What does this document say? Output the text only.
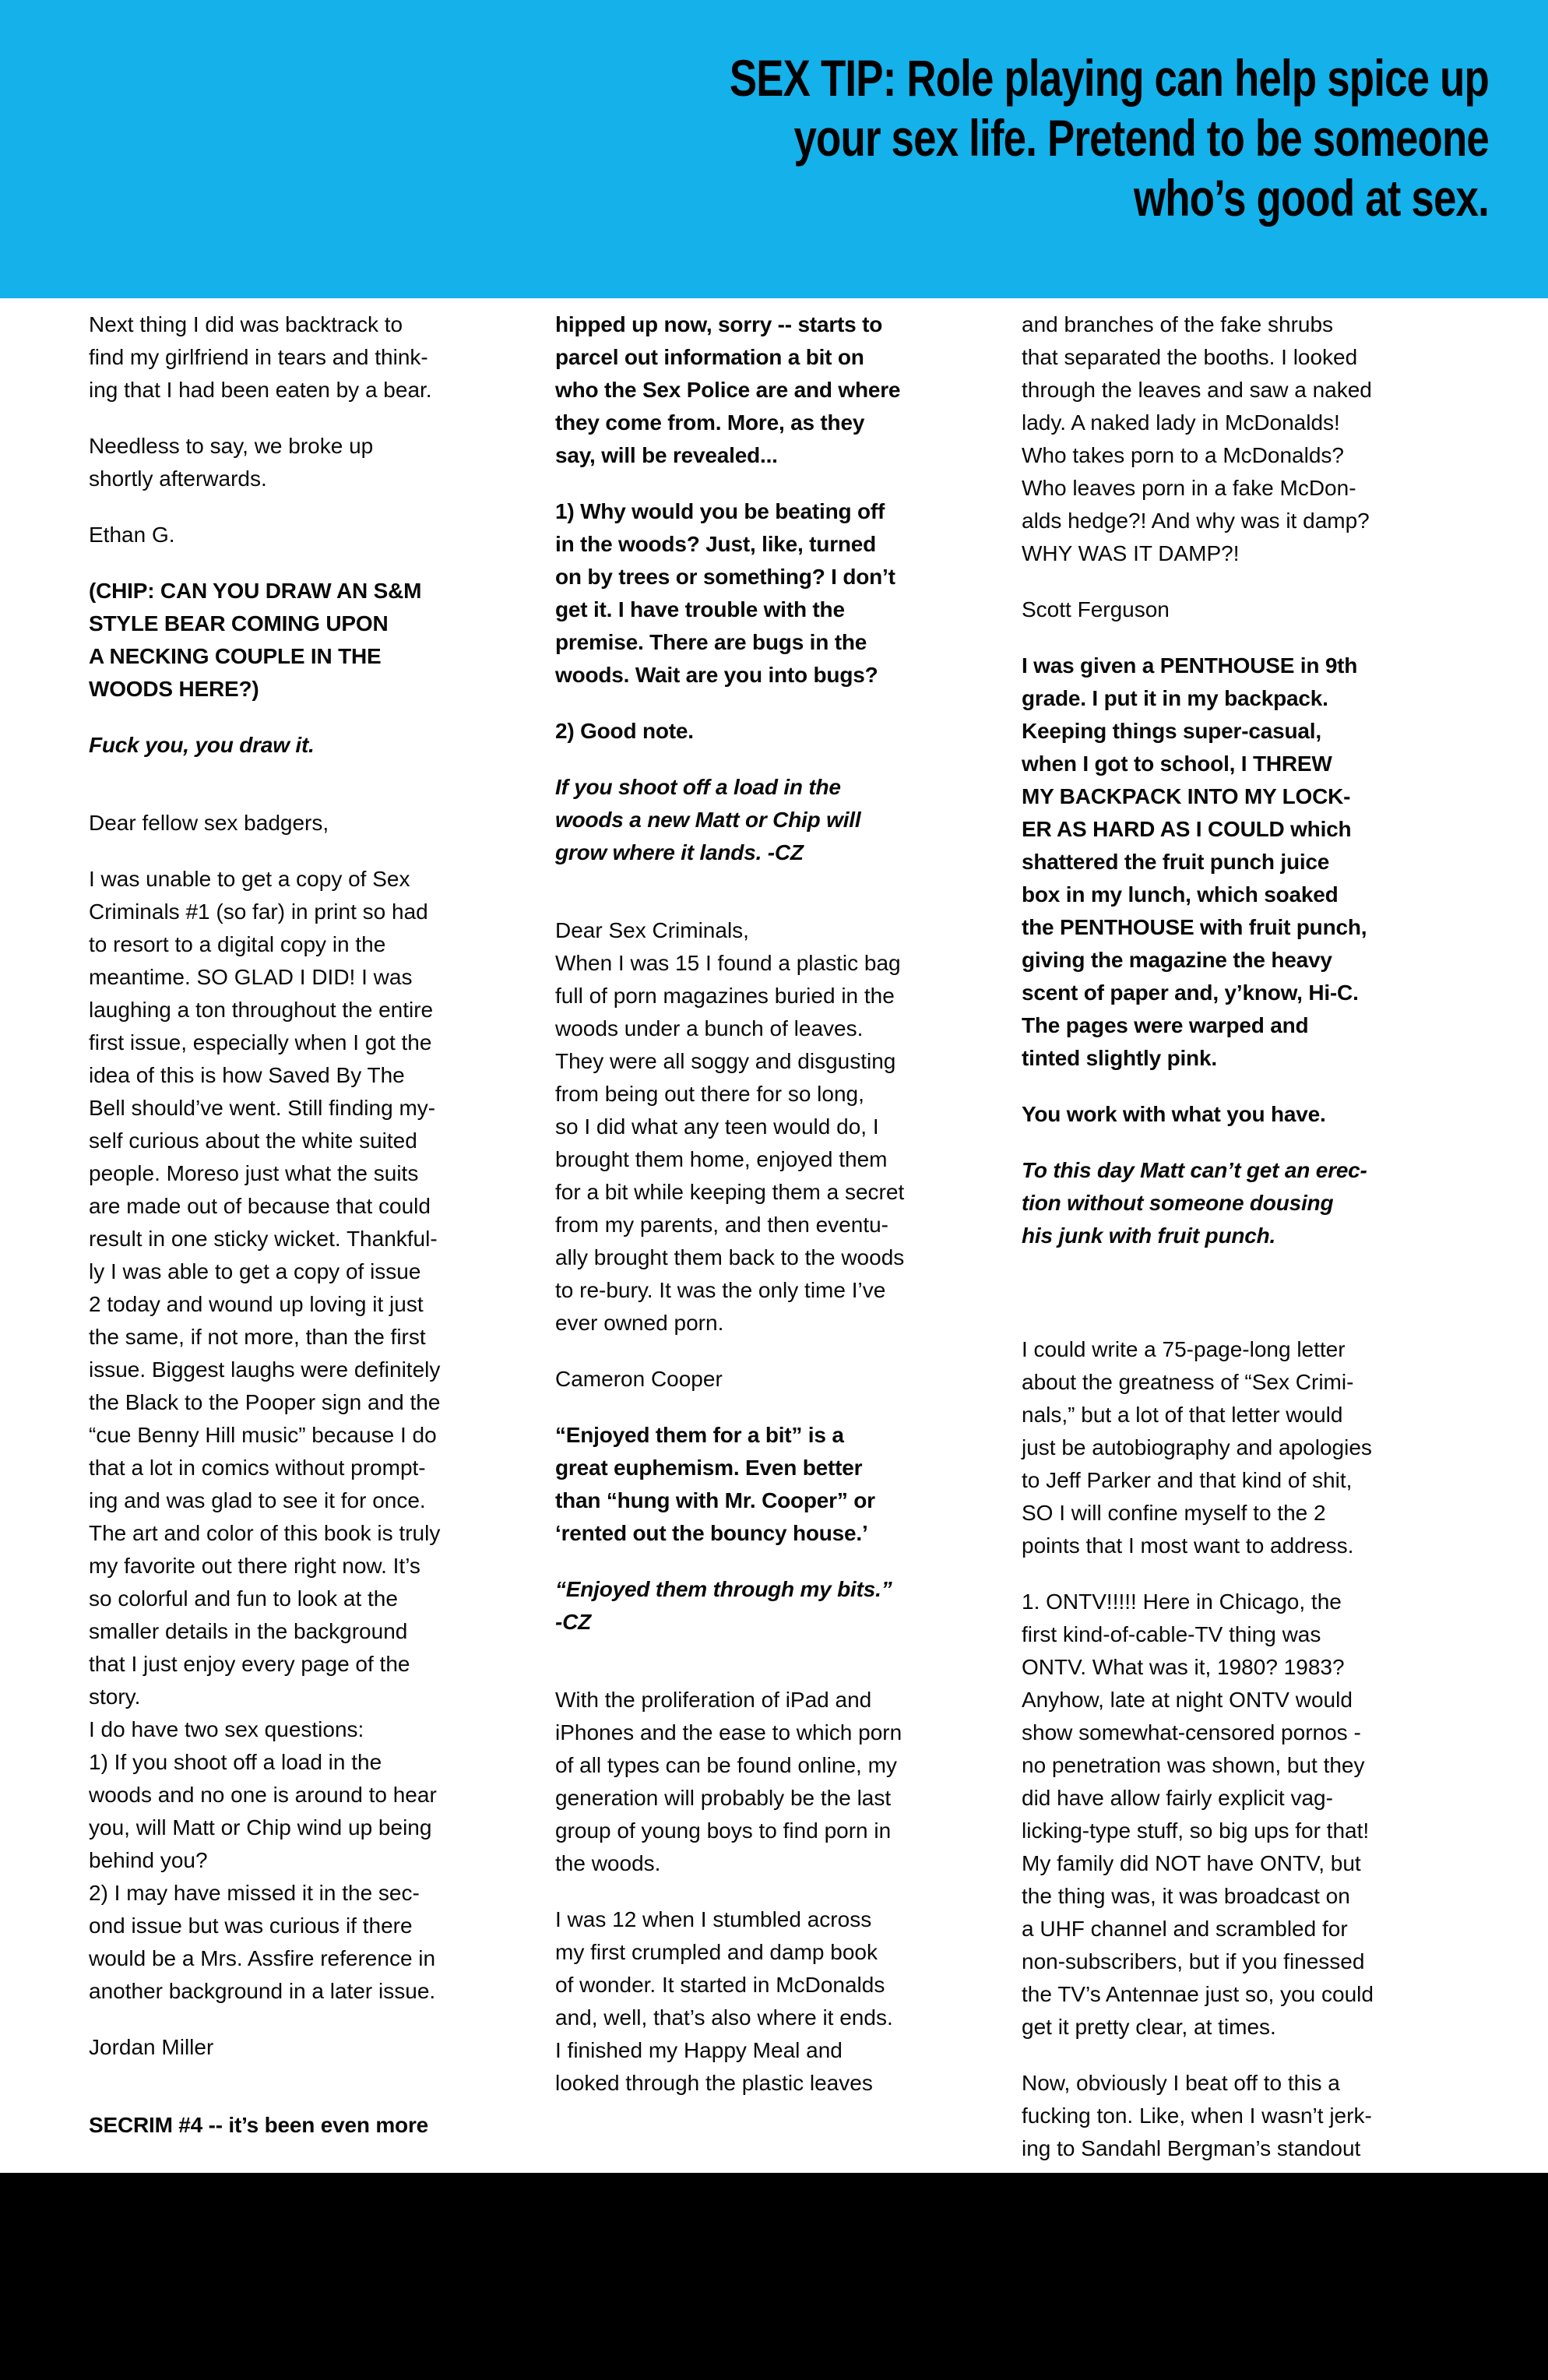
SEX TIP: Role playing can help spice up
your sex life. Pretend to be someone
who’s good at sex.
Next thing I did was backtrack to
find my girlfriend in tears and think-
ing that I had been eaten by a bear.
Needless to say, we broke up
shortly afterwards.
Ethan G.
(CHIP: CAN YOU DRAW AN S&M
STYLE BEAR COMING UPON
A NECKING COUPLE IN THE
WOODS HERE?)
Fuck you, you draw it.
Dear fellow sex badgers,
I was unable to get a copy of Sex
Criminals #1 (so far) in print so had
to resort to a digital copy in the
meantime. SO GLAD I DID! I was
laughing a ton throughout the entire
first issue, especially when I got the
idea of this is how Saved By The
Bell should’ve went. Still finding my-
self curious about the white suited
people. Moreso just what the suits
are made out of because that could
result in one sticky wicket. Thankful-
ly I was able to get a copy of issue
2 today and wound up loving it just
the same, if not more, than the first
issue. Biggest laughs were definitely
the Black to the Pooper sign and the
“cue Benny Hill music” because I do
that a lot in comics without prompt-
ing and was glad to see it for once.
The art and color of this book is truly
my favorite out there right now. It’s
so colorful and fun to look at the
smaller details in the background
that I just enjoy every page of the
story.
I do have two sex questions:
1) If you shoot off a load in the
woods and no one is around to hear
you, will Matt or Chip wind up being
behind you?
2) I may have missed it in the sec-
ond issue but was curious if there
would be a Mrs. Assfire reference in
another background in a later issue.
Jordan Miller
SECRIM #4 -- it’s been even more
hipped up now, sorry -- starts to
parcel out information a bit on
who the Sex Police are and where
they come from. More, as they
say, will be revealed...
1) Why would you be beating off
in the woods? Just, like, turned
on by trees or something? I don’t
get it. I have trouble with the
premise. There are bugs in the
woods. Wait are you into bugs?
2) Good note.
If you shoot off a load in the
woods a new Matt or Chip will
grow where it lands. -CZ
Dear Sex Criminals,
When I was 15 I found a plastic bag
full of porn magazines buried in the
woods under a bunch of leaves.
They were all soggy and disgusting
from being out there for so long,
so I did what any teen would do, I
brought them home, enjoyed them
for a bit while keeping them a secret
from my parents, and then eventu-
ally brought them back to the woods
to re-bury. It was the only time I’ve
ever owned porn.
Cameron Cooper
“Enjoyed them for a bit” is a
great euphemism. Even better
than “hung with Mr. Cooper” or
‘rented out the bouncy house.’
“Enjoyed them through my bits.”
-CZ
With the proliferation of iPad and
iPhones and the ease to which porn
of all types can be found online, my
generation will probably be the last
group of young boys to find porn in
the woods.
I was 12 when I stumbled across
my first crumpled and damp book
of wonder. It started in McDonalds
and, well, that’s also where it ends.
I finished my Happy Meal and
looked through the plastic leaves
and branches of the fake shrubs
that separated the booths. I looked
through the leaves and saw a naked
lady. A naked lady in McDonalds!
Who takes porn to a McDonalds?
Who leaves porn in a fake McDon-
alds hedge?! And why was it damp?
WHY WAS IT DAMP?!
Scott Ferguson
I was given a PENTHOUSE in 9th
grade. I put it in my backpack.
Keeping things super-casual,
when I got to school, I THREW
MY BACKPACK INTO MY LOCK-
ER AS HARD AS I COULD which
shattered the fruit punch juice
box in my lunch, which soaked
the PENTHOUSE with fruit punch,
giving the magazine the heavy
scent of paper and, y’know, Hi-C.
The pages were warped and
tinted slightly pink.
You work with what you have.
To this day Matt can’t get an erec-
tion without someone dousing
his junk with fruit punch.
I could write a 75-page-long letter
about the greatness of “Sex Crimi-
nals,” but a lot of that letter would
just be autobiography and apologies
to Jeff Parker and that kind of shit,
SO I will confine myself to the 2
points that I most want to address.
1. ONTV!!!!! Here in Chicago, the
first kind-of-cable-TV thing was
ONTV. What was it, 1980? 1983?
Anyhow, late at night ONTV would
show somewhat-censored pornos -
no penetration was shown, but they
did have allow fairly explicit vag-
licking-type stuff, so big ups for that!
My family did NOT have ONTV, but
the thing was, it was broadcast on
a UHF channel and scrambled for
non-subscribers, but if you finessed
the TV’s Antennae just so, you could
get it pretty clear, at times.
Now, obviously I beat off to this a
fucking ton. Like, when I wasn’t jerk-
ing to Sandahl Bergman’s standout
